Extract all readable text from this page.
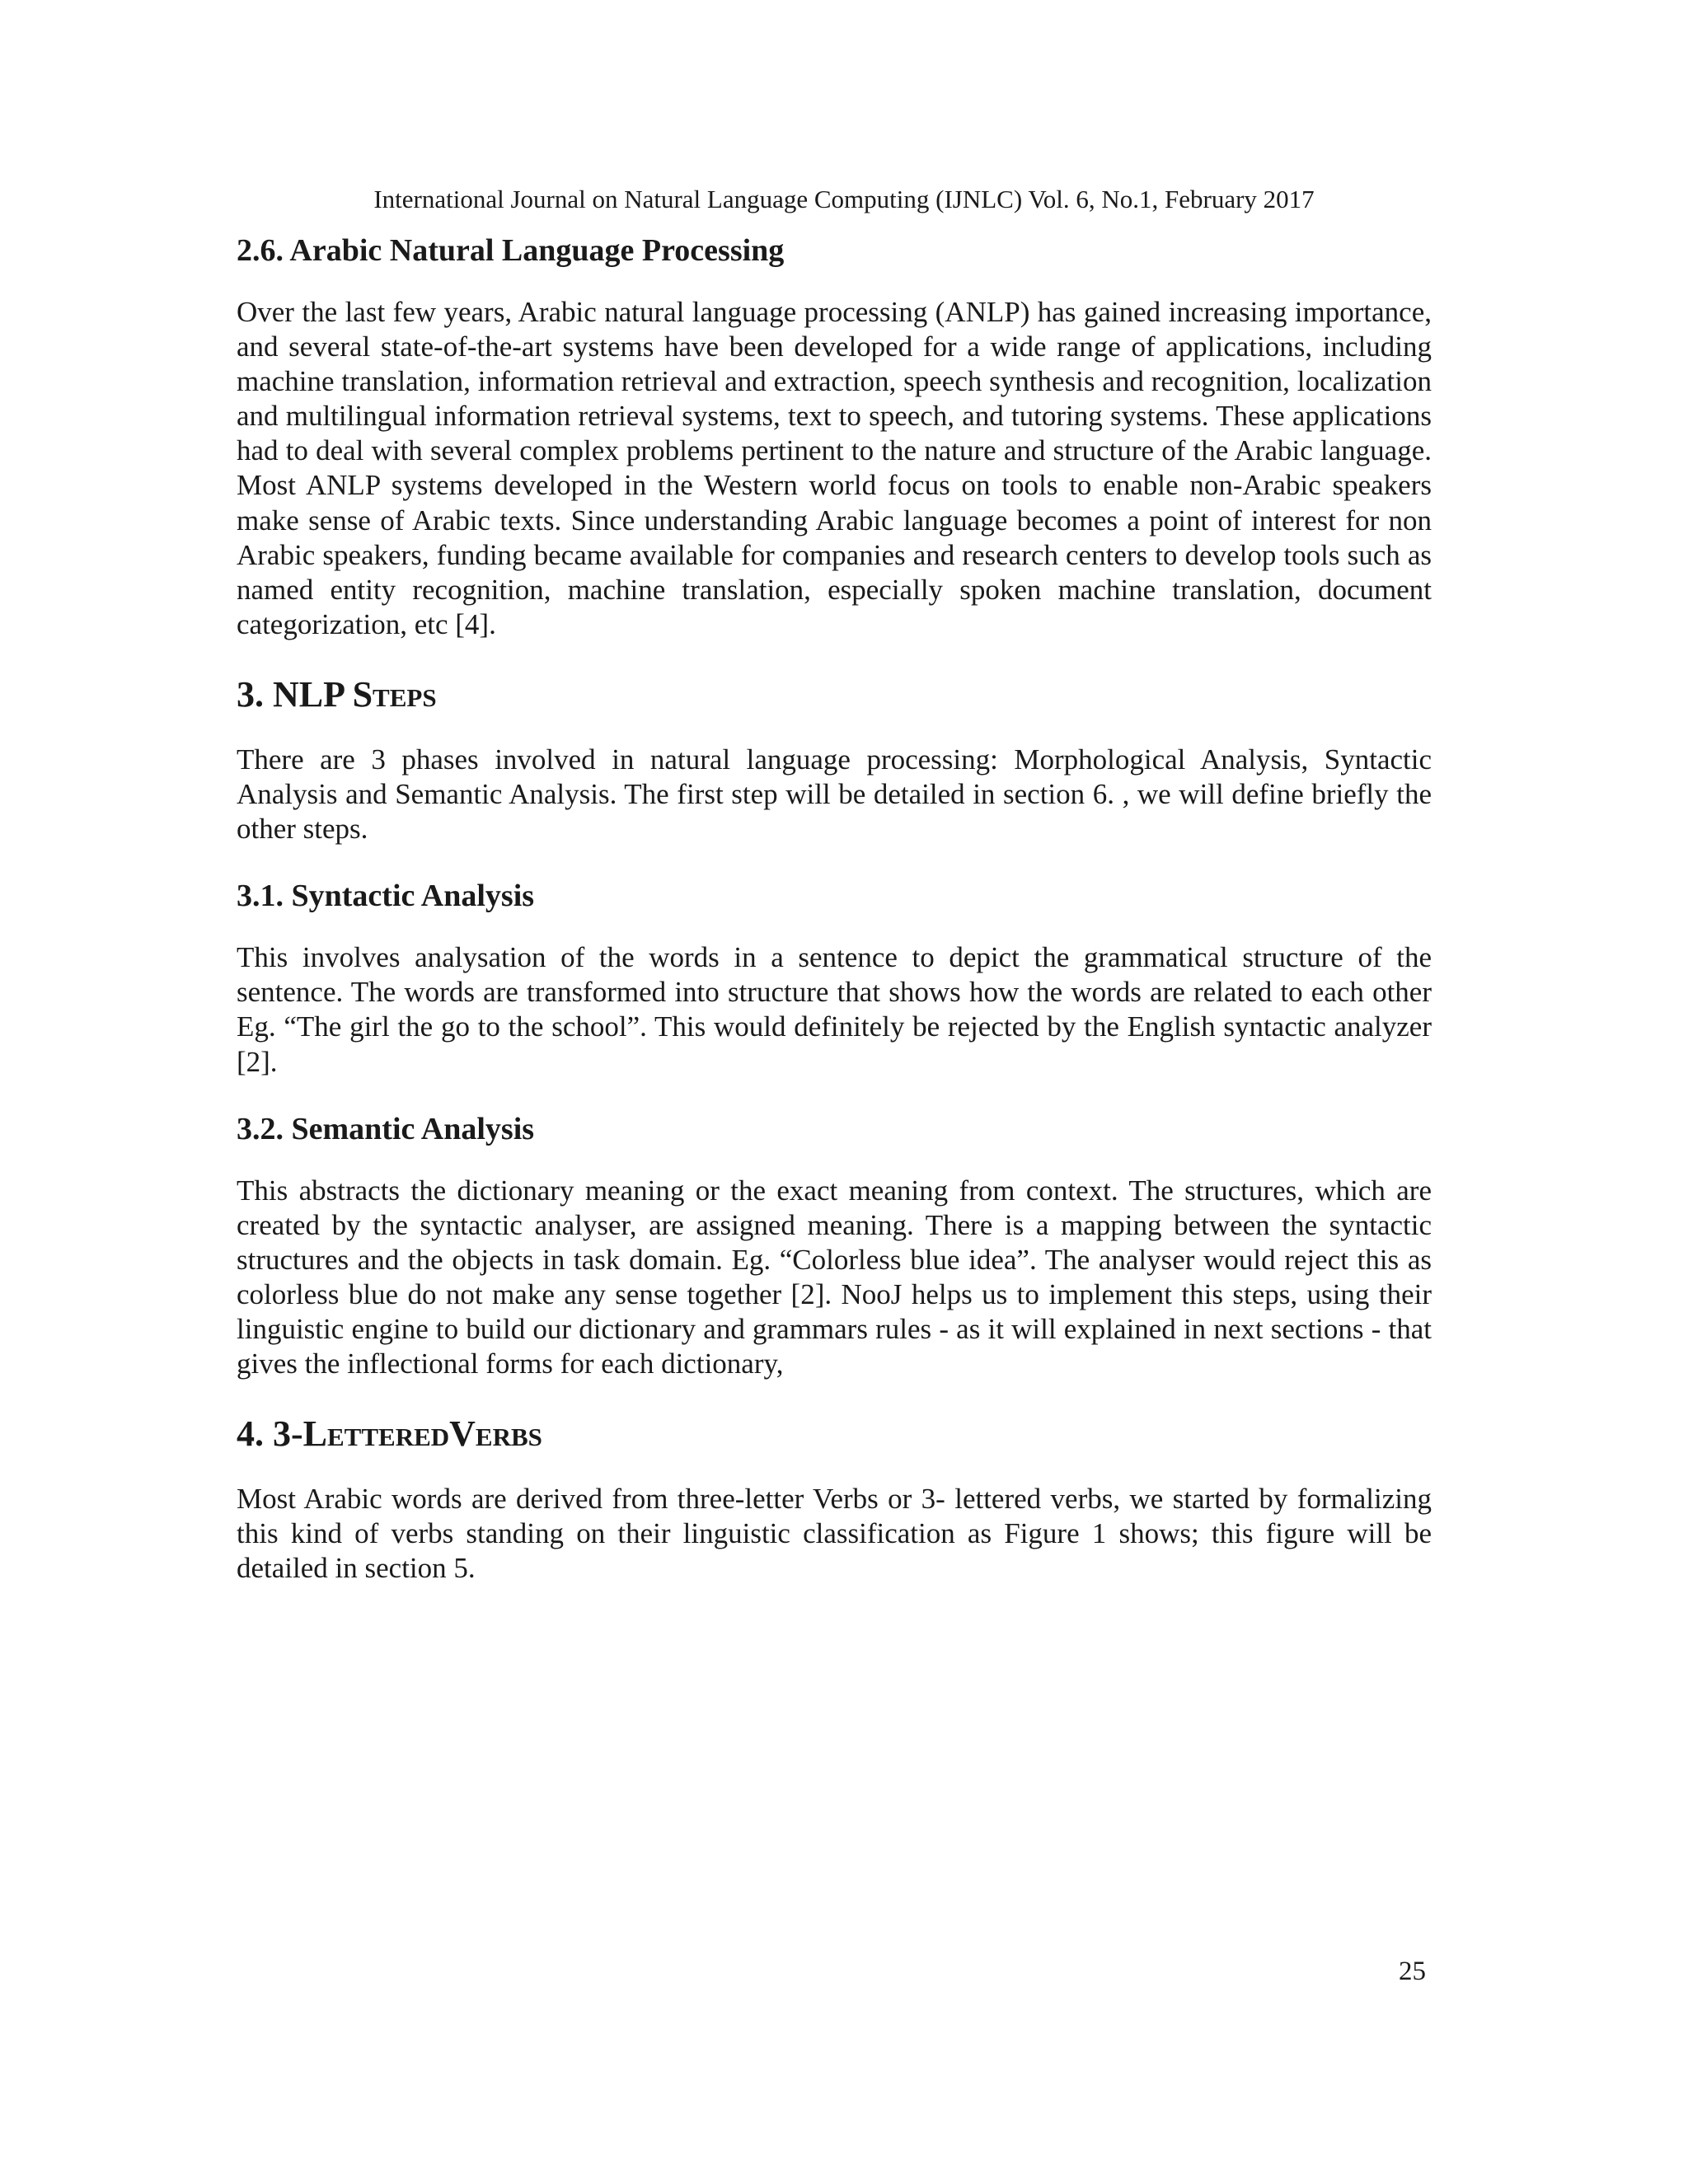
International Journal on Natural Language Computing (IJNLC) Vol. 6, No.1, February 2017

2.6. Arabic Natural Language Processing

Over the last few years, Arabic natural language processing (ANLP) has gained increasing importance, and several state-of-the-art systems have been developed for a wide range of applications, including machine translation, information retrieval and extraction, speech synthesis and recognition, localization and multilingual information retrieval systems, text to speech, and tutoring systems. These applications had to deal with several complex problems pertinent to the nature and structure of the Arabic language. Most ANLP systems developed in the Western world focus on tools to enable non-Arabic speakers make sense of Arabic texts. Since understanding Arabic language becomes a point of interest for non Arabic speakers, funding became available for companies and research centers to develop tools such as named entity recognition, machine translation, especially spoken machine translation, document categorization, etc [4].

3. NLP Steps

There are 3 phases involved in natural language processing: Morphological Analysis, Syntactic Analysis and Semantic Analysis. The first step will be detailed in section 6. , we will define briefly the other steps.

3.1. Syntactic Analysis

This involves analysation of the words in a sentence to depict the grammatical structure of the sentence. The words are transformed into structure that shows how the words are related to each other Eg. “The girl the go to the school”. This would definitely be rejected by the English syntactic analyzer [2].

3.2. Semantic Analysis

This abstracts the dictionary meaning or the exact meaning from context. The structures, which are created by the syntactic analyser, are assigned meaning. There is a mapping between the syntactic structures and the objects in task domain. Eg. “Colorless blue idea”. The analyser would reject this as colorless blue do not make any sense together [2]. NooJ helps us to implement this steps, using their linguistic engine to build our dictionary and grammars rules - as it will explained in next sections - that gives the inflectional forms for each dictionary,

4. 3-LetteredVerbs

Most Arabic words are derived from three-letter Verbs or 3- lettered verbs, we started by formalizing this kind of verbs standing on their linguistic classification as Figure 1 shows; this figure will be detailed in section 5.

25
